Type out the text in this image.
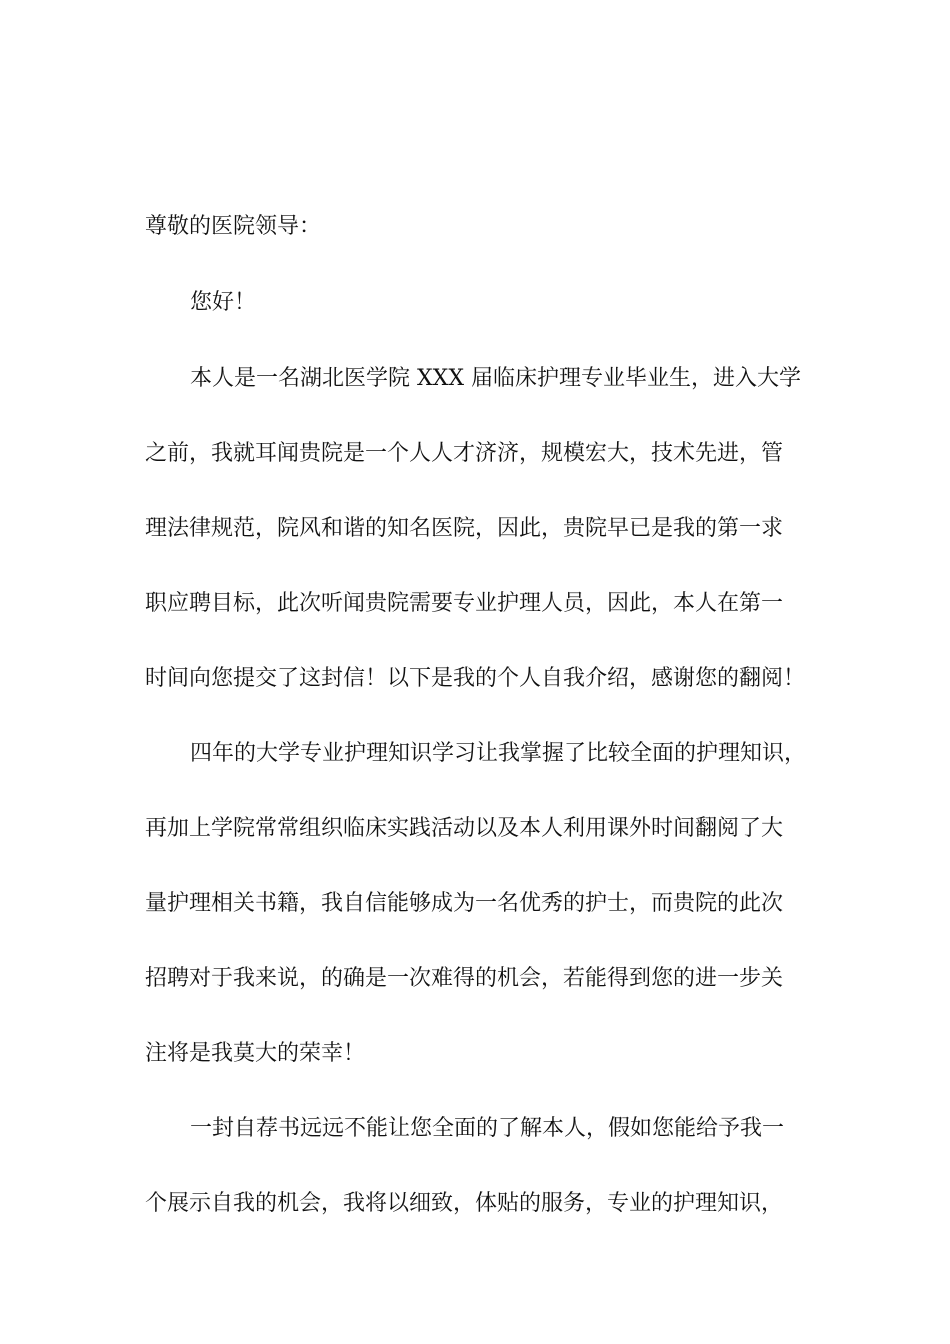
尊敬的医院领导：

您好！

本人是一名湖北医学院 XXX 届临床护理专业毕业生，进入大学

之前，我就耳闻贵院是一个人人才济济，规模宏大，技术先进，管

理法律规范，院风和谐的知名医院，因此，贵院早已是我的第一求

职应聘目标，此次听闻贵院需要专业护理人员，因此，本人在第一

时间向您提交了这封信！以下是我的个人自我介绍，感谢您的翻阅！

四年的大学专业护理知识学习让我掌握了比较全面的护理知识，

再加上学院常常组织临床实践活动以及本人利用课外时间翻阅了大

量护理相关书籍，我自信能够成为一名优秀的护士，而贵院的此次

招聘对于我来说，的确是一次难得的机会，若能得到您的进一步关

注将是我莫大的荣幸！

一封自荐书远远不能让您全面的了解本人，假如您能给予我一

个展示自我的机会，我将以细致，体贴的服务，专业的护理知识，
